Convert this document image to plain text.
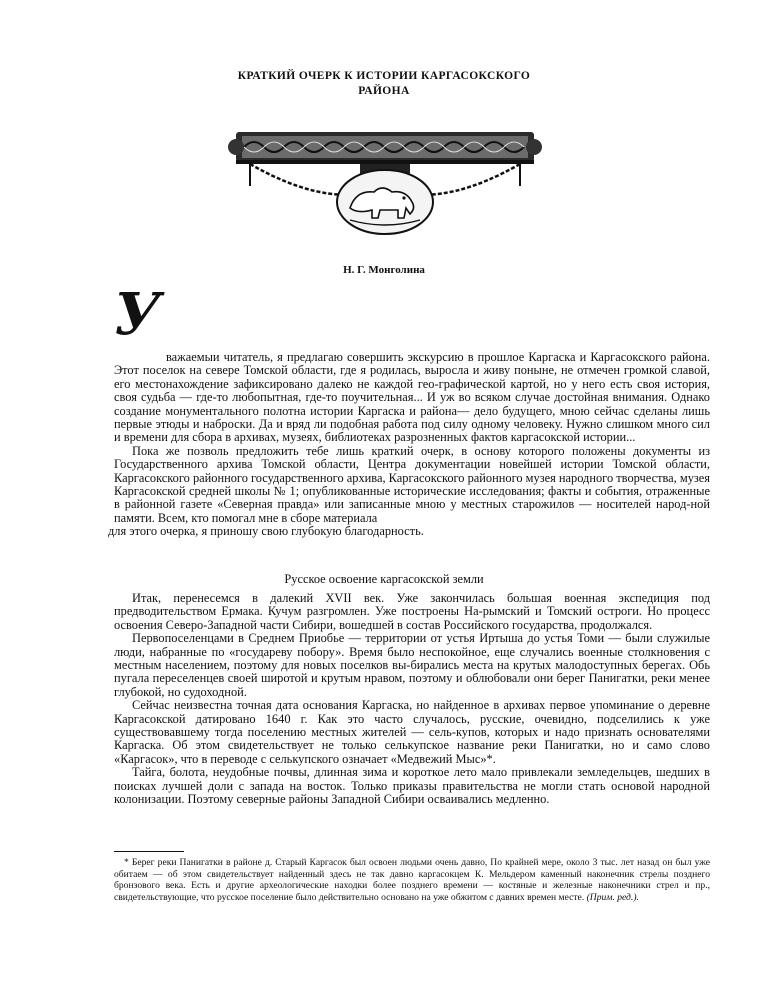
КРАТКИЙ ОЧЕРК К ИСТОРИИ КАРГАСОКСКОГО
РАЙОНА
Н. Г. Монголина
У

важаемыи читатель, я предлагаю совершить экскурсию в прошлое Каргаска и Каргасокского района. Этот поселок на севере Томской области, где я родилась, выросла и живу поныне, не отмечен громкой славой, его местонахождение зафиксировано далеко не каждой гео-графической картой, но у него есть своя история, своя судьба — где-то любопытная, где-то поучительная... И уж во всяком случае достойная внимания. Однако создание монументального полотна истории Каргаска и района— дело будущего, мною сейчас сделаны лишь первые этюды и наброски. Да и вряд ли подобная работа под силу одному человеку. Нужно слишком много сил и времени для сбора в архивах, музеях, библиотеках разрозненных фактов каргасокской истории...

Пока же позволь предложить тебе лишь краткий очерк, в основу которого положены документы из Государственного архива Томской области, Центра документации новейшей истории Томской области, Каргасокского районного государственного архива, Каргасокского районного музея народного творчества, музея Каргасокской средней школы № 1; опубликованные исторические исследования; факты и события, отраженные в районной газете «Северная правда» или записанные мною у местных старожилов — носителей народ-ной памяти. Всем, кто помогал мне в сборе материала

для этого очерка, я приношу свою глубокую благодарность.

Русское освоение каргасокской земли

Итак, перенесемся в далекий XVII век. Уже закончилась большая военная экспедиция под предводительством Ермака. Кучум разгромлен. Уже построены На-рымский и Томский остроги. Но процесс освоения Северо-Западной части Сибири, вошедшей в состав Российского государства, продолжался.

Первопоселенцами в Среднем Приобье — территории от устья Иртыша до устья Томи — были служилые люди, набранные по «государеву побору». Время было неспокойное, еще случались военные столкновения с местным населением, поэтому для новых поселков вы-бирались места на крутых малодоступных берегах. Обь пугала переселенцев своей широтой и крутым нравом, поэтому и облюбовали они берег Панигатки, реки менее глубокой, но судоходной.

Сейчас неизвестна точная дата основания Каргаска, но найденное в архивах первое упоминание о деревне Каргасокской датировано 1640 г. Как это часто случалось, русские, очевидно, подселились к уже существовавшему тогда поселению местных жителей — сель-купов, которых и надо признать основателями Каргаска. Об этом свидетельствует не только селькупское название реки Панигатки, но и само слово «Каргасок», что в переводе с селькупского означает «Медвежий Мыс»*.

Тайга, болота, неудобные почвы, длинная зима и короткое лето мало привлекали земледельцев, шедших в поисках лучшей доли с запада на восток. Только приказы правительства не могли стать основой народной колонизации. Поэтому северные районы Западной Сибири осваивались медленно.

* Берег реки Панигатки в районе д. Старый Каргасок был освоен людьми очень давно, По крайней мере, около 3 тыс. лет назад он был уже обитаем — об этом свидетельствует найденный здесь не так давно каргасокцем К. Мельдером каменный наконечник стрелы позднего бронзового века. Есть и другие археологические находки более позднего времени — костяные и железные наконечники стрел и пр., свидетельствующие, что русское поселение было действительно основано на уже обжитом с давних времен месте. (Прим. ред.).
